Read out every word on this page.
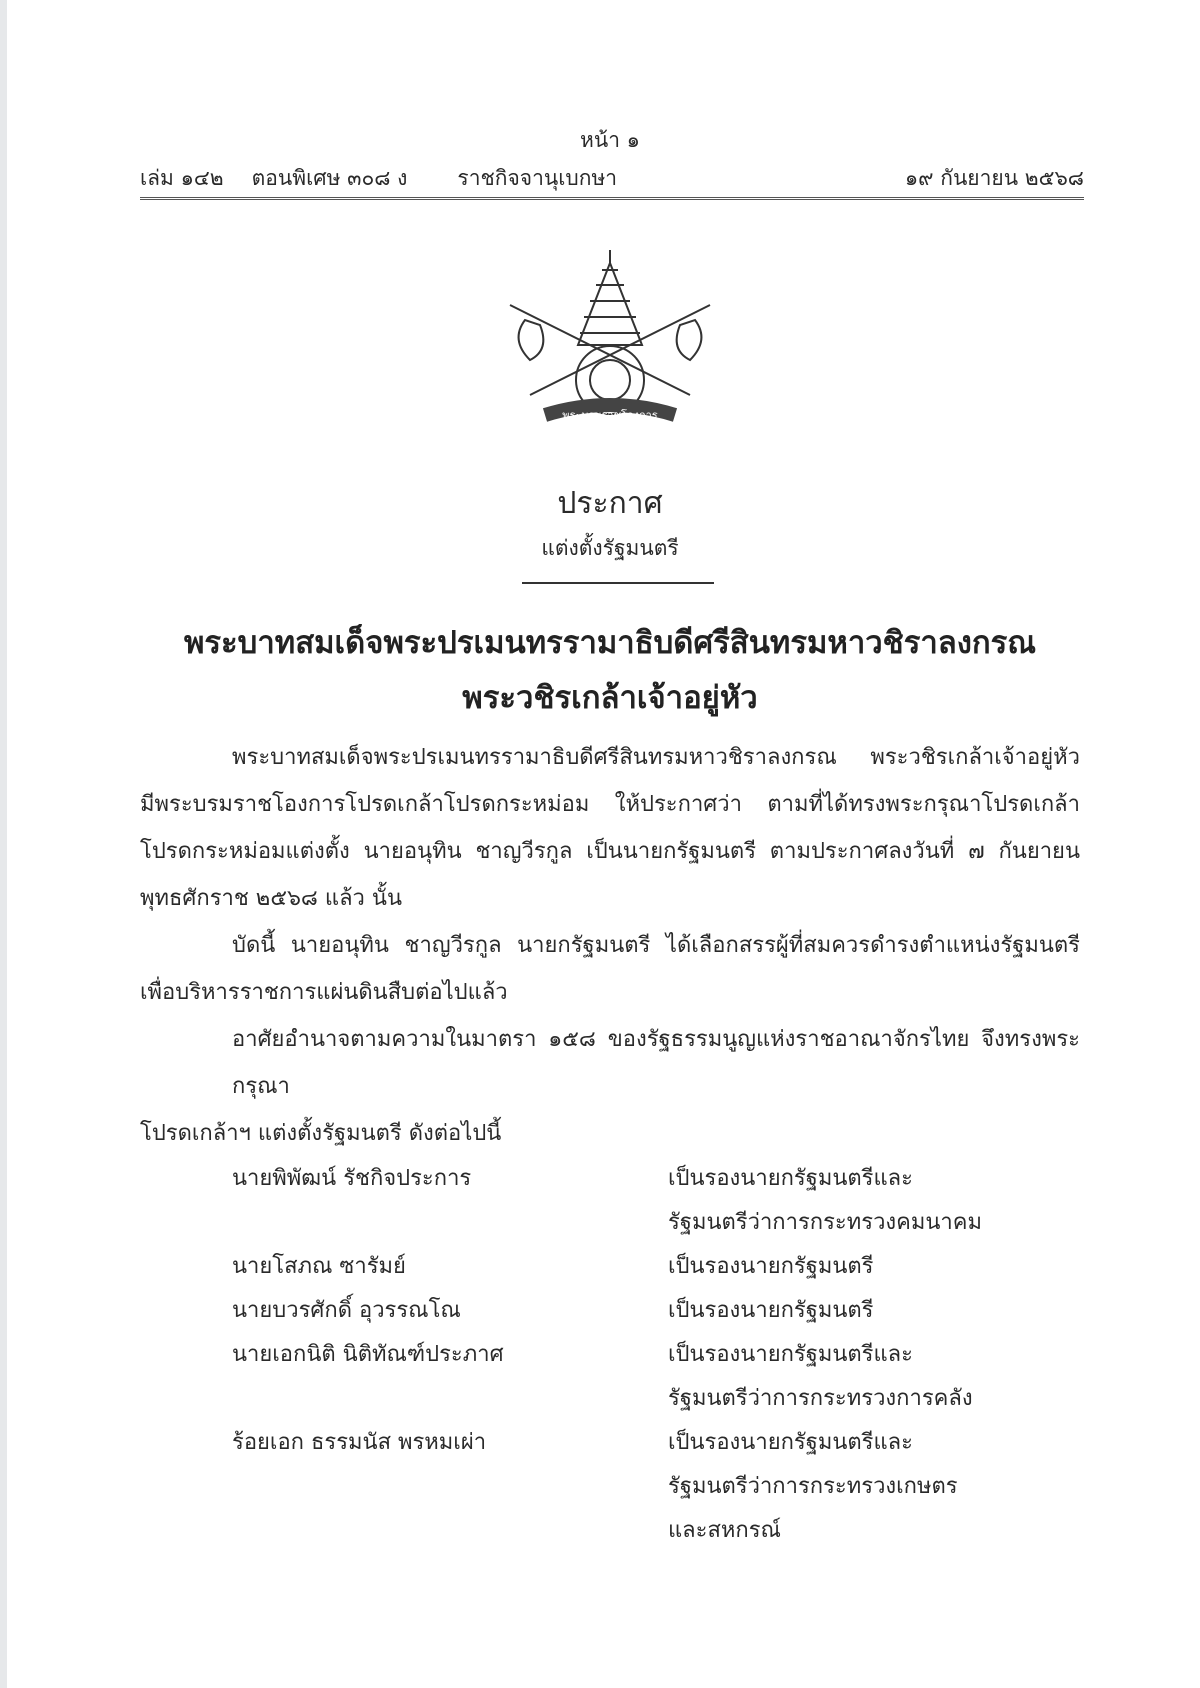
หน้า ๑
เล่ม ๑๔๒ ตอนพิเศษ ๓๐๘ ง ราชกิจจานุเบกษา	๑๙ กันยายน ๒๕๖๘
พระบรมราชโองการ
ประกาศ
แต่งตั้งรัฐมนตรี
พระบาทสมเด็จพระปรเมนทรรามาธิบดีศรีสินทรมหาวชิราลงกรณ
พระวชิรเกล้าเจ้าอยู่หัว
พระบาทสมเด็จพระปรเมนทรรามาธิบดีศรีสินทรมหาวชิราลงกรณ พระวชิรเกล้าเจ้าอยู่หัว
มีพระบรมราชโองการโปรดเกล้าโปรดกระหม่อม ให้ประกาศว่า ตามที่ได้ทรงพระกรุณาโปรดเกล้า
โปรดกระหม่อมแต่งตั้ง นายอนุทิน ชาญวีรกูล เป็นนายกรัฐมนตรี ตามประกาศลงวันที่ ๗ กันยายน
พุทธศักราช ๒๕๖๘ แล้ว นั้น
บัดนี้ นายอนุทิน ชาญวีรกูล นายกรัฐมนตรี ได้เลือกสรรผู้ที่สมควรดำรงตำแหน่งรัฐมนตรี
เพื่อบริหารราชการแผ่นดินสืบต่อไปแล้ว
อาศัยอำนาจตามความในมาตรา ๑๕๘ ของรัฐธรรมนูญแห่งราชอาณาจักรไทย จึงทรงพระกรุณา
โปรดเกล้าฯ แต่งตั้งรัฐมนตรี ดังต่อไปนี้
นายพิพัฒน์ รัชกิจประการ	เป็นรองนายกรัฐมนตรีและ
รัฐมนตรีว่าการกระทรวงคมนาคม
นายโสภณ ซารัมย์	เป็นรองนายกรัฐมนตรี
นายบวรศักดิ์ อุวรรณโณ	เป็นรองนายกรัฐมนตรี
นายเอกนิติ นิติทัณฑ์ประภาศ	เป็นรองนายกรัฐมนตรีและ
รัฐมนตรีว่าการกระทรวงการคลัง
ร้อยเอก ธรรมนัส พรหมเผ่า	เป็นรองนายกรัฐมนตรีและ
รัฐมนตรีว่าการกระทรวงเกษตร
และสหกรณ์
